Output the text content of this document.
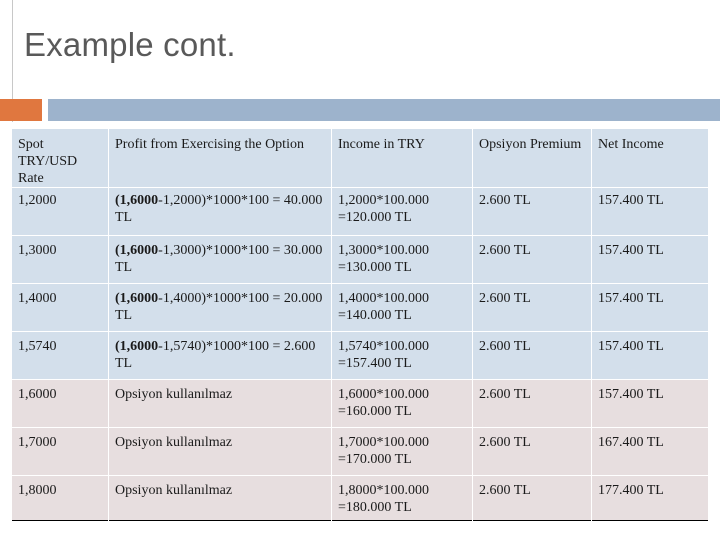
Example cont.
Spot TRY/USD Rate	Profit from Exercising the Option	Income in TRY	Opsiyon Premium	Net Income
1,2000	(1,6000-1,2000)*1000*100 = 40.000 TL	1,2000*100.000 =120.000 TL	2.600 TL	157.400 TL
1,3000	(1,6000-1,3000)*1000*100 = 30.000 TL	1,3000*100.000 =130.000 TL	2.600 TL	157.400 TL
1,4000	(1,6000-1,4000)*1000*100 = 20.000 TL	1,4000*100.000 =140.000 TL	2.600 TL	157.400 TL
1,5740	(1,6000-1,5740)*1000*100 = 2.600 TL	1,5740*100.000 =157.400 TL	2.600 TL	157.400 TL
1,6000	Opsiyon kullanılmaz	1,6000*100.000 =160.000 TL	2.600 TL	157.400 TL
1,7000	Opsiyon kullanılmaz	1,7000*100.000 =170.000 TL	2.600 TL	167.400 TL
1,8000	Opsiyon kullanılmaz	1,8000*100.000 =180.000 TL	2.600 TL	177.400 TL
